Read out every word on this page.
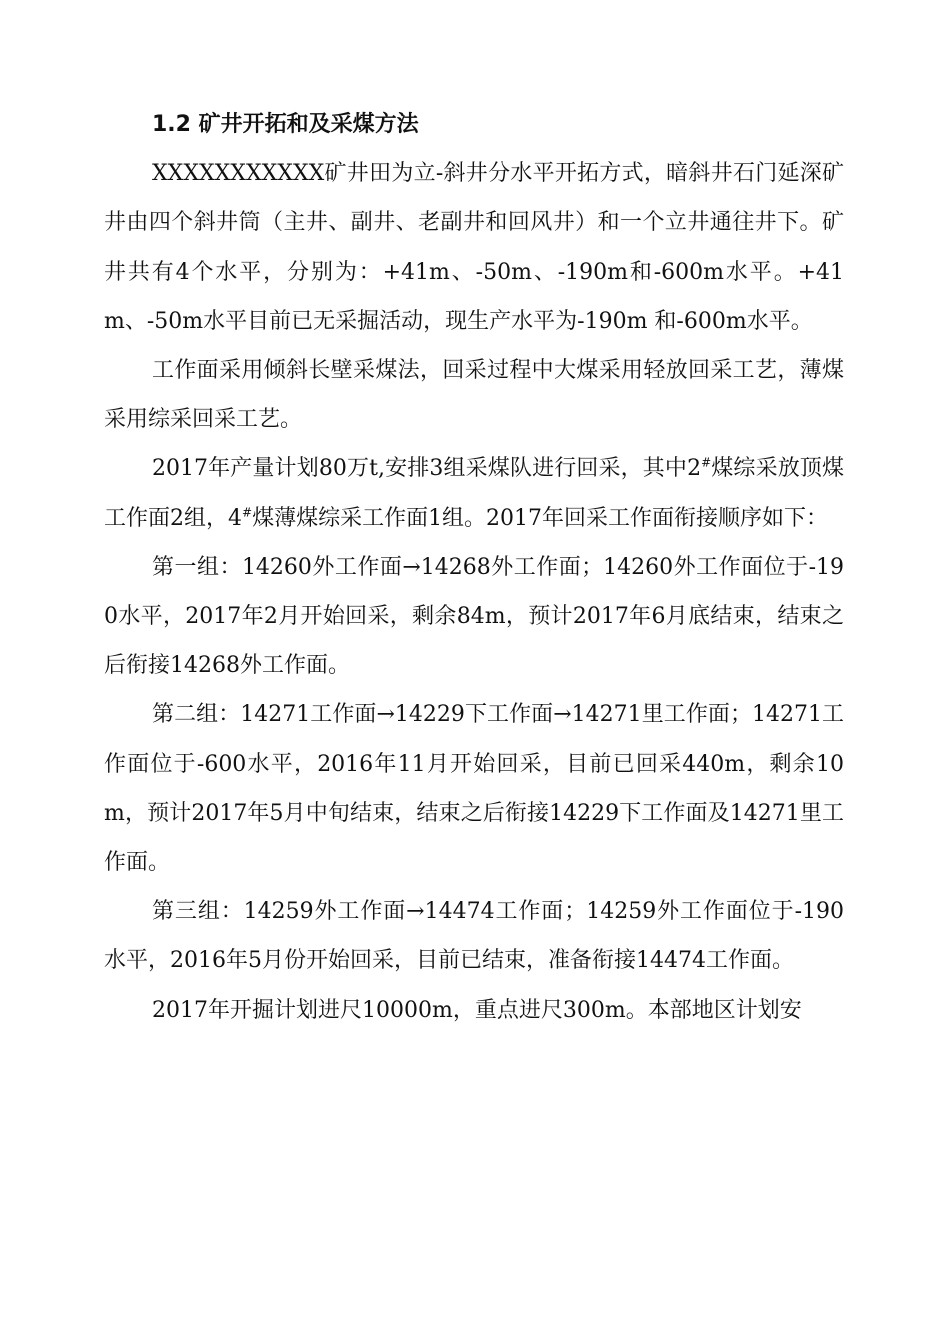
1.2 矿井开拓和及采煤方法

XXXXXXXXXXX矿井田为立-斜井分水平开拓方式，暗斜井石门延深矿井由四个斜井筒（主井、副井、老副井和回风井）和一个立井通往井下。矿井共有4个水平，分别为：+41m、-50m、-190m和-600m水平。+41m、-50m水平目前已无采掘活动，现生产水平为-190m 和-600m水平。

工作面采用倾斜长壁采煤法，回采过程中大煤采用轻放回采工艺，薄煤采用综采回采工艺。

2017年产量计划80万t,安排3组采煤队进行回采，其中2#煤综采放顶煤工作面2组，4#煤薄煤综采工作面1组。2017年回采工作面衔接顺序如下：

第一组：14260外工作面→14268外工作面；14260外工作面位于-190水平，2017年2月开始回采，剩余84m，预计2017年6月底结束，结束之后衔接14268外工作面。

第二组：14271工作面→14229下工作面→14271里工作面；14271工作面位于-600水平，2016年11月开始回采，目前已回采440m，剩余10m，预计2017年5月中旬结束，结束之后衔接14229下工作面及14271里工作面。

第三组：14259外工作面→14474工作面；14259外工作面位于-190水平，2016年5月份开始回采，目前已结束，准备衔接14474工作面。

2017年开掘计划进尺10000m，重点进尺300m。本部地区计划安
